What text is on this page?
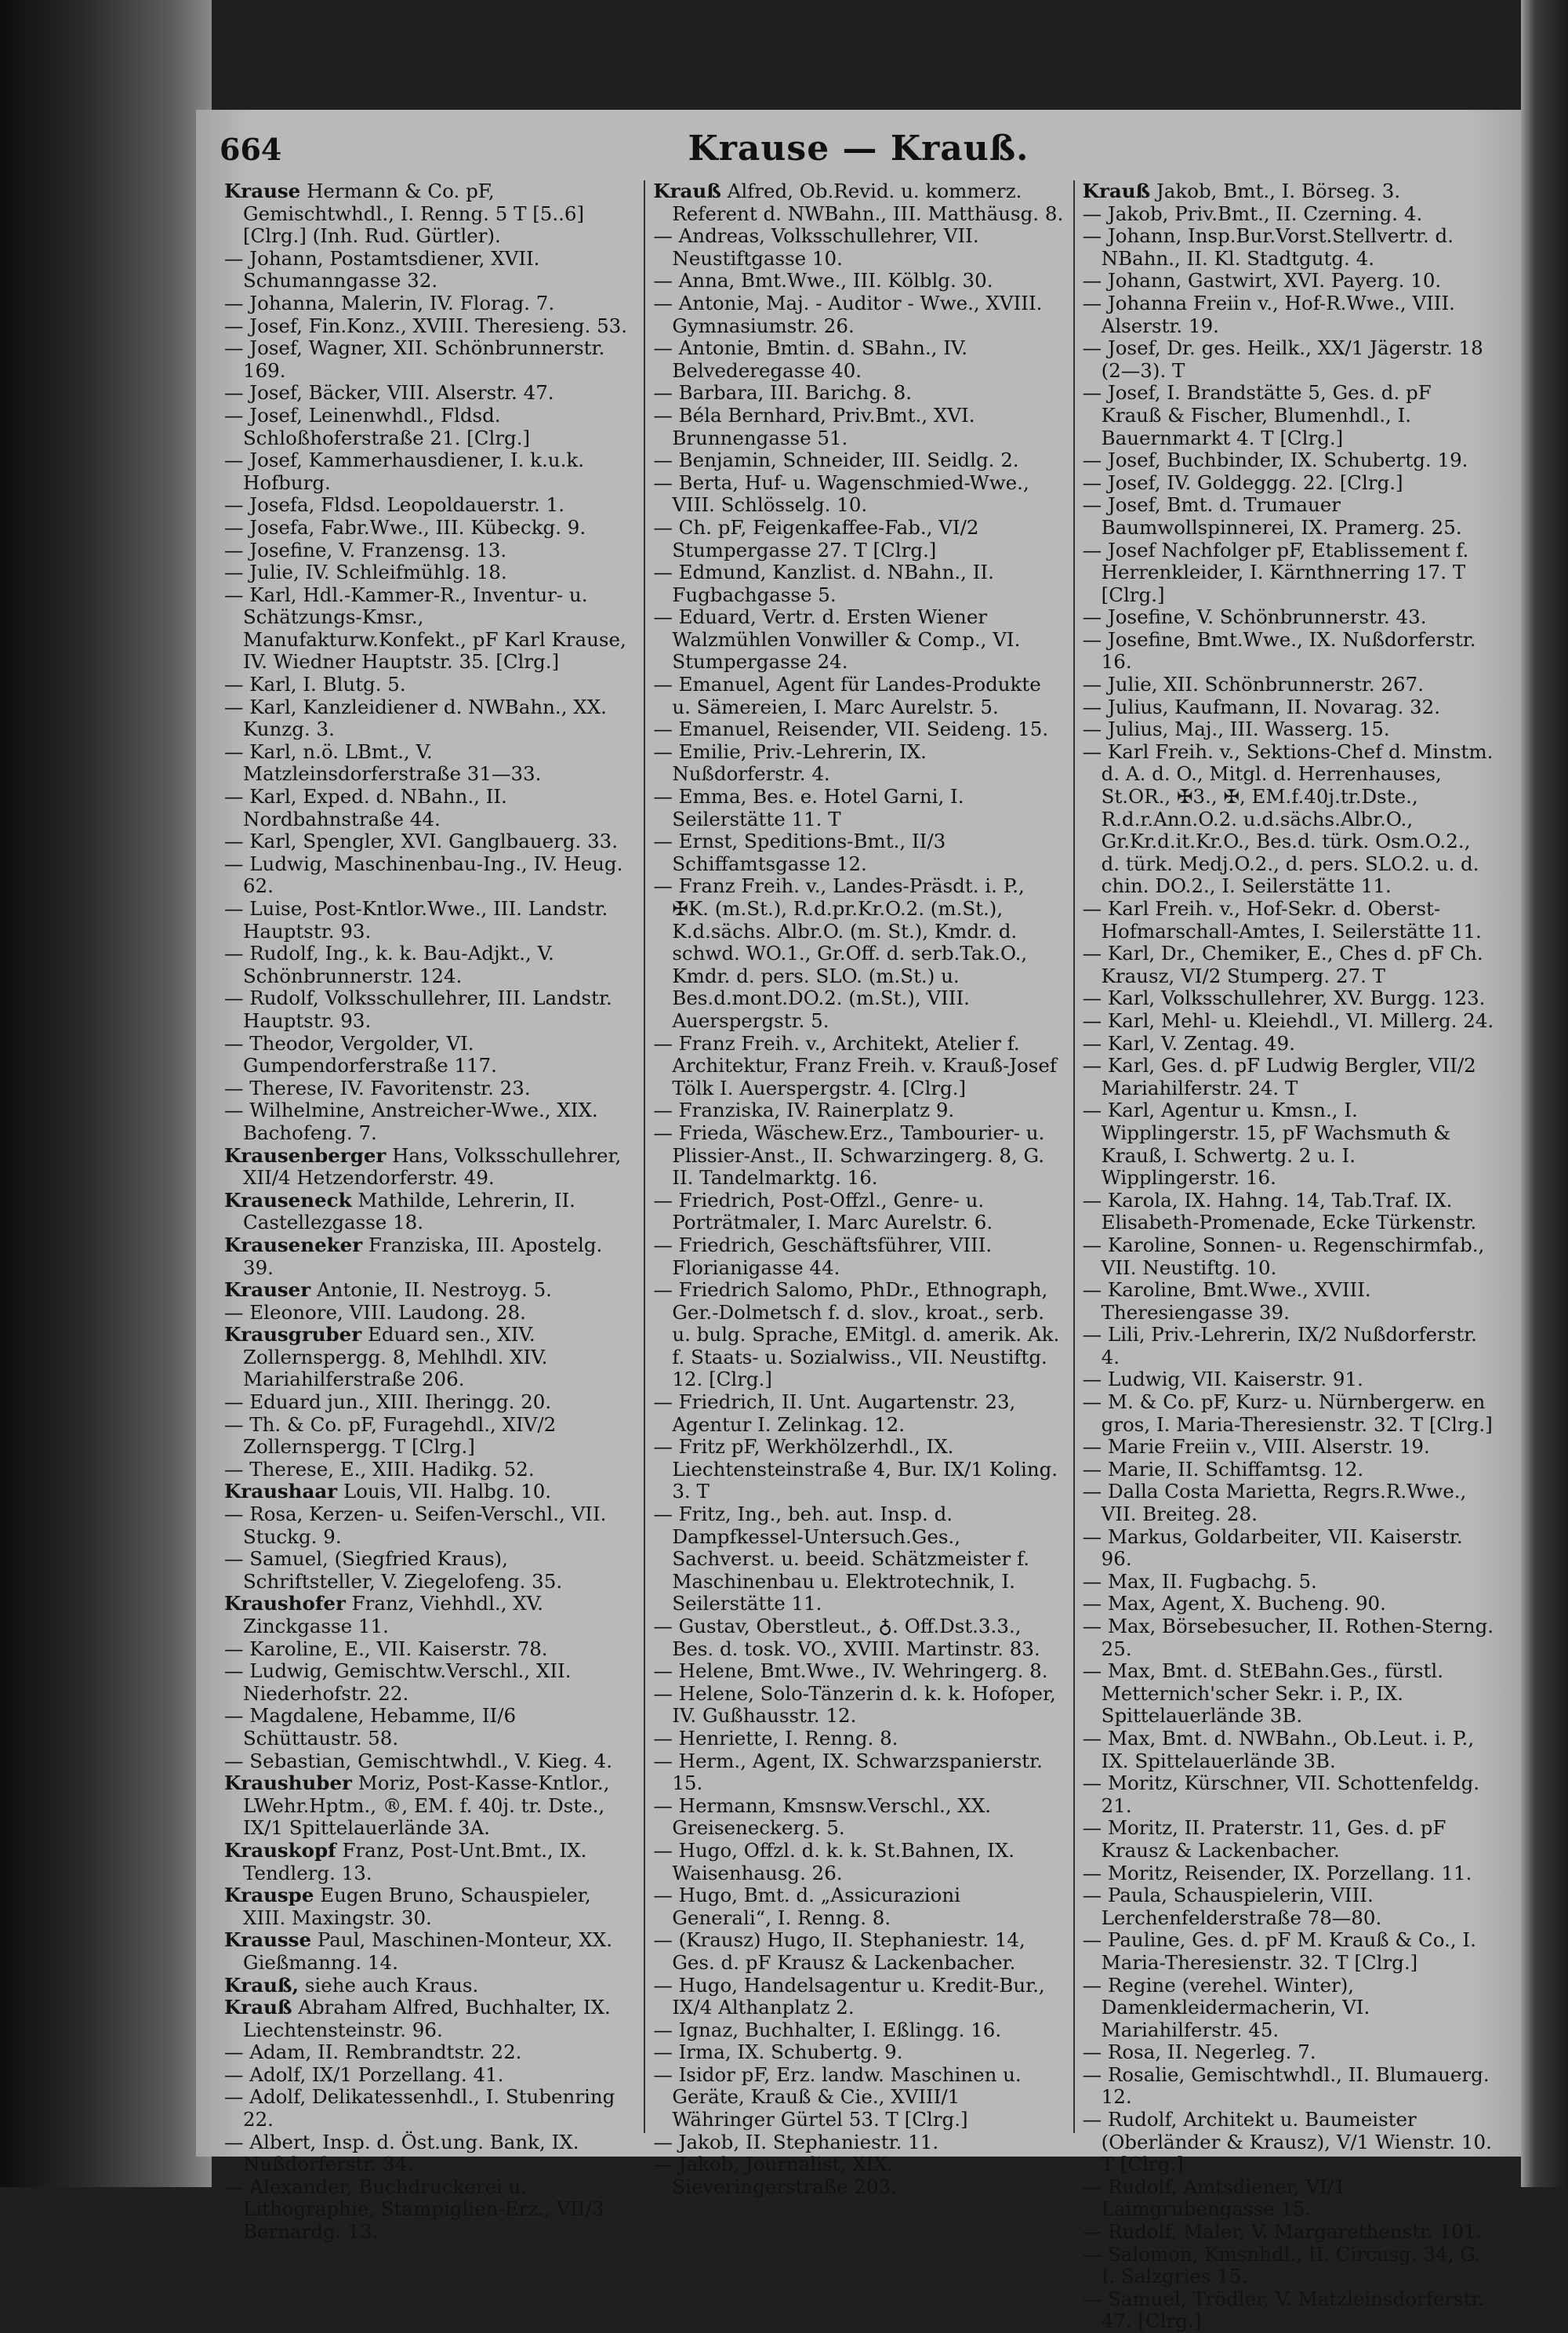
664	Krause — Krauß.

Krause Hermann & Co. pF, Gemischtwhdl., I. Renng. 5 T [5..6] [Clrg.] (Inh. Rud. Gürtler).

— Johann, Postamtsdiener, XVII. Schumanngasse 32.

— Johanna, Malerin, IV. Florag. 7.

— Josef, Fin.Konz., XVIII. Theresieng. 53.

— Josef, Wagner, XII. Schönbrunnerstr. 169.

— Josef, Bäcker, VIII. Alserstr. 47.

— Josef, Leinenwhdl., Fldsd. Schloßhoferstraße 21. [Clrg.]

— Josef, Kammerhausdiener, I. k.u.k. Hofburg.

— Josefa, Fldsd. Leopoldauerstr. 1.

— Josefa, Fabr.Wwe., III. Kübeckg. 9.

— Josefine, V. Franzensg. 13.

— Julie, IV. Schleifmühlg. 18.

— Karl, Hdl.-Kammer-R., Inventur- u. Schätzungs-Kmsr., Manufakturw.Konfekt., pF Karl Krause, IV. Wiedner Hauptstr. 35. [Clrg.]

— Karl, I. Blutg. 5.

— Karl, Kanzleidiener d. NWBahn., XX. Kunzg. 3.

— Karl, n.ö. LBmt., V. Matzleinsdorferstraße 31—33.

— Karl, Exped. d. NBahn., II. Nordbahnstraße 44.

— Karl, Spengler, XVI. Ganglbauerg. 33.

— Ludwig, Maschinenbau-Ing., IV. Heug. 62.

— Luise, Post-Kntlor.Wwe., III. Landstr. Hauptstr. 93.

— Rudolf, Ing., k. k. Bau-Adjkt., V. Schönbrunnerstr. 124.

— Rudolf, Volksschullehrer, III. Landstr. Hauptstr. 93.

— Theodor, Vergolder, VI. Gumpendorferstraße 117.

— Therese, IV. Favoritenstr. 23.

— Wilhelmine, Anstreicher-Wwe., XIX. Bachofeng. 7.

Krausenberger Hans, Volksschullehrer, XII/4 Hetzendorferstr. 49.

Krauseneck Mathilde, Lehrerin, II. Castellezgasse 18.

Krauseneker Franziska, III. Apostelg. 39.

Krauser Antonie, II. Nestroyg. 5.

— Eleonore, VIII. Laudong. 28.

Krausgruber Eduard sen., XIV. Zollernspergg. 8, Mehlhdl. XIV. Mariahilferstraße 206.

— Eduard jun., XIII. Iheringg. 20.

— Th. & Co. pF, Furagehdl., XIV/2 Zollernspergg. T [Clrg.]

— Therese, E., XIII. Hadikg. 52.

Kraushaar Louis, VII. Halbg. 10.

— Rosa, Kerzen- u. Seifen-Verschl., VII. Stuckg. 9.

— Samuel, (Siegfried Kraus), Schriftsteller, V. Ziegelofeng. 35.

Kraushofer Franz, Viehhdl., XV. Zinckgasse 11.

— Karoline, E., VII. Kaiserstr. 78.

— Ludwig, Gemischtw.Verschl., XII. Niederhofstr. 22.

— Magdalene, Hebamme, II/6 Schüttaustr. 58.

— Sebastian, Gemischtwhdl., V. Kieg. 4.

Kraushuber Moriz, Post-Kasse-Kntlor., LWehr.Hptm., ®, EM. f. 40j. tr. Dste., IX/1 Spittelauerlände 3A.

Krauskopf Franz, Post-Unt.Bmt., IX. Tendlerg. 13.

Krauspe Eugen Bruno, Schauspieler, XIII. Maxingstr. 30.

Krausse Paul, Maschinen-Monteur, XX. Gießmanng. 14.

Krauß, siehe auch Kraus.

Krauß Abraham Alfred, Buchhalter, IX. Liechtensteinstr. 96.

— Adam, II. Rembrandtstr. 22.

— Adolf, IX/1 Porzellang. 41.

— Adolf, Delikatessenhdl., I. Stubenring 22.

— Albert, Insp. d. Öst.ung. Bank, IX. Nußdorferstr. 34.

— Alexander, Buchdruckerei u. Lithographie, Stampiglien-Erz., VII/3 Bernardg. 13.

Krauß Alfred, Ob.Revid. u. kommerz. Referent d. NWBahn., III. Matthäusg. 8.

— Andreas, Volksschullehrer, VII. Neustiftgasse 10.

— Anna, Bmt.Wwe., III. Kölblg. 30.

— Antonie, Maj. - Auditor - Wwe., XVIII. Gymnasiumstr. 26.

— Antonie, Bmtin. d. SBahn., IV. Belvederegasse 40.

— Barbara, III. Barichg. 8.

— Béla Bernhard, Priv.Bmt., XVI. Brunnengasse 51.

— Benjamin, Schneider, III. Seidlg. 2.

— Berta, Huf- u. Wagenschmied-Wwe., VIII. Schlösselg. 10.

— Ch. pF, Feigenkaffee-Fab., VI/2 Stumpergasse 27. T [Clrg.]

— Edmund, Kanzlist. d. NBahn., II. Fugbachgasse 5.

— Eduard, Vertr. d. Ersten Wiener Walzmühlen Vonwiller & Comp., VI. Stumpergasse 24.

— Emanuel, Agent für Landes-Produkte u. Sämereien, I. Marc Aurelstr. 5.

— Emanuel, Reisender, VII. Seideng. 15.

— Emilie, Priv.-Lehrerin, IX. Nußdorferstr. 4.

— Emma, Bes. e. Hotel Garni, I. Seilerstätte 11. T

— Ernst, Speditions-Bmt., II/3 Schiffamtsgasse 12.

— Franz Freih. v., Landes-Präsdt. i. P., ✠K. (m.St.), R.d.pr.Kr.O.2. (m.St.), K.d.sächs. Albr.O. (m. St.), Kmdr. d. schwd. WO.1., Gr.Off. d. serb.Tak.O., Kmdr. d. pers. SLO. (m.St.) u. Bes.d.mont.DO.2. (m.St.), VIII. Auerspergstr. 5.

— Franz Freih. v., Architekt, Atelier f. Architektur, Franz Freih. v. Krauß-Josef Tölk I. Auerspergstr. 4. [Clrg.]

— Franziska, IV. Rainerplatz 9.

— Frieda, Wäschew.Erz., Tambourier- u. Plissier-Anst., II. Schwarzingerg. 8, G. II. Tandelmarktg. 16.

— Friedrich, Post-Offzl., Genre- u. Porträtmaler, I. Marc Aurelstr. 6.

— Friedrich, Geschäftsführer, VIII. Florianigasse 44.

— Friedrich Salomo, PhDr., Ethnograph, Ger.-Dolmetsch f. d. slov., kroat., serb. u. bulg. Sprache, EMitgl. d. amerik. Ak. f. Staats- u. Sozialwiss., VII. Neustiftg. 12. [Clrg.]

— Friedrich, II. Unt. Augartenstr. 23, Agentur I. Zelinkag. 12.

— Fritz pF, Werkhölzerhdl., IX. Liechtensteinstraße 4, Bur. IX/1 Koling. 3. T

— Fritz, Ing., beh. aut. Insp. d. Dampfkessel-Untersuch.Ges., Sachverst. u. beeid. Schätzmeister f. Maschinenbau u. Elektrotechnik, I. Seilerstätte 11.

— Gustav, Oberstleut., ♁. Off.Dst.3.3., Bes. d. tosk. VO., XVIII. Martinstr. 83.

— Helene, Bmt.Wwe., IV. Wehringerg. 8.

— Helene, Solo-Tänzerin d. k. k. Hofoper, IV. Gußhausstr. 12.

— Henriette, I. Renng. 8.

— Herm., Agent, IX. Schwarzspanierstr. 15.

— Hermann, Kmsnsw.Verschl., XX. Greiseneckerg. 5.

— Hugo, Offzl. d. k. k. St.Bahnen, IX. Waisenhausg. 26.

— Hugo, Bmt. d. „Assicurazioni Generali“, I. Renng. 8.

— (Krausz) Hugo, II. Stephaniestr. 14, Ges. d. pF Krausz & Lackenbacher.

— Hugo, Handelsagentur u. Kredit-Bur., IX/4 Althanplatz 2.

— Ignaz, Buchhalter, I. Eßlingg. 16.

— Irma, IX. Schubertg. 9.

— Isidor pF, Erz. landw. Maschinen u. Geräte, Krauß & Cie., XVIII/1 Währinger Gürtel 53. T [Clrg.]

— Jakob, II. Stephaniestr. 11.

— Jakob, Journalist, XIX. Sieveringerstraße 203.

Krauß Jakob, Bmt., I. Börseg. 3.

— Jakob, Priv.Bmt., II. Czerning. 4.

— Johann, Insp.Bur.Vorst.Stellvertr. d. NBahn., II. Kl. Stadtgutg. 4.

— Johann, Gastwirt, XVI. Payerg. 10.

— Johanna Freiin v., Hof-R.Wwe., VIII. Alserstr. 19.

— Josef, Dr. ges. Heilk., XX/1 Jägerstr. 18 (2—3). T

— Josef, I. Brandstätte 5, Ges. d. pF Krauß & Fischer, Blumenhdl., I. Bauernmarkt 4. T [Clrg.]

— Josef, Buchbinder, IX. Schubertg. 19.

— Josef, IV. Goldeggg. 22. [Clrg.]

— Josef, Bmt. d. Trumauer Baumwollspinnerei, IX. Pramerg. 25.

— Josef Nachfolger pF, Etablissement f. Herrenkleider, I. Kärnthnerring 17. T [Clrg.]

— Josefine, V. Schönbrunnerstr. 43.

— Josefine, Bmt.Wwe., IX. Nußdorferstr. 16.

— Julie, XII. Schönbrunnerstr. 267.

— Julius, Kaufmann, II. Novarag. 32.

— Julius, Maj., III. Wasserg. 15.

— Karl Freih. v., Sektions-Chef d. Minstm. d. A. d. O., Mitgl. d. Herrenhauses, St.OR., ✠3., ✠, EM.f.40j.tr.Dste., R.d.r.Ann.O.2. u.d.sächs.Albr.O., Gr.Kr.d.it.Kr.O., Bes.d. türk. Osm.O.2., d. türk. Medj.O.2., d. pers. SLO.2. u. d. chin. DO.2., I. Seilerstätte 11.

— Karl Freih. v., Hof-Sekr. d. Oberst-Hofmarschall-Amtes, I. Seilerstätte 11.

— Karl, Dr., Chemiker, E., Ches d. pF Ch. Krausz, VI/2 Stumperg. 27. T

— Karl, Volksschullehrer, XV. Burgg. 123.

— Karl, Mehl- u. Kleiehdl., VI. Millerg. 24.

— Karl, V. Zentag. 49.

— Karl, Ges. d. pF Ludwig Bergler, VII/2 Mariahilferstr. 24. T

— Karl, Agentur u. Kmsn., I. Wipplingerstr. 15, pF Wachsmuth & Krauß, I. Schwertg. 2 u. I. Wipplingerstr. 16.

— Karola, IX. Hahng. 14, Tab.Traf. IX. Elisabeth-Promenade, Ecke Türkenstr.

— Karoline, Sonnen- u. Regenschirmfab., VII. Neustiftg. 10.

— Karoline, Bmt.Wwe., XVIII. Theresiengasse 39.

— Lili, Priv.-Lehrerin, IX/2 Nußdorferstr. 4.

— Ludwig, VII. Kaiserstr. 91.

— M. & Co. pF, Kurz- u. Nürnbergerw. en gros, I. Maria-Theresienstr. 32. T [Clrg.]

— Marie Freiin v., VIII. Alserstr. 19.

— Marie, II. Schiffamtsg. 12.

— Dalla Costa Marietta, Regrs.R.Wwe., VII. Breiteg. 28.

— Markus, Goldarbeiter, VII. Kaiserstr. 96.

— Max, II. Fugbachg. 5.

— Max, Agent, X. Bucheng. 90.

— Max, Börsebesucher, II. Rothen-Sterng. 25.

— Max, Bmt. d. StEBahn.Ges., fürstl. Metternich'scher Sekr. i. P., IX. Spittelauerlände 3B.

— Max, Bmt. d. NWBahn., Ob.Leut. i. P., IX. Spittelauerlände 3B.

— Moritz, Kürschner, VII. Schottenfeldg. 21.

— Moritz, II. Praterstr. 11, Ges. d. pF Krausz & Lackenbacher.

— Moritz, Reisender, IX. Porzellang. 11.

— Paula, Schauspielerin, VIII. Lerchenfelderstraße 78—80.

— Pauline, Ges. d. pF M. Krauß & Co., I. Maria-Theresienstr. 32. T [Clrg.]

— Regine (verehel. Winter), Damenkleidermacherin, VI. Mariahilferstr. 45.

— Rosa, II. Negerleg. 7.

— Rosalie, Gemischtwhdl., II. Blumauerg. 12.

— Rudolf, Architekt u. Baumeister (Oberländer & Krausz), V/1 Wienstr. 10. T [Clrg.]

— Rudolf, Amtsdiener, VI/1 Laimgrubengasse 15.

— Rudolf, Maler, V. Margarethenstr. 101.

— Salomon, Kmsnhdl., II. Circusg. 34, G. I. Salzgries 15.

— Samuel, Trödler, V. Matzleinsdorferstr. 47. [Clrg.]
